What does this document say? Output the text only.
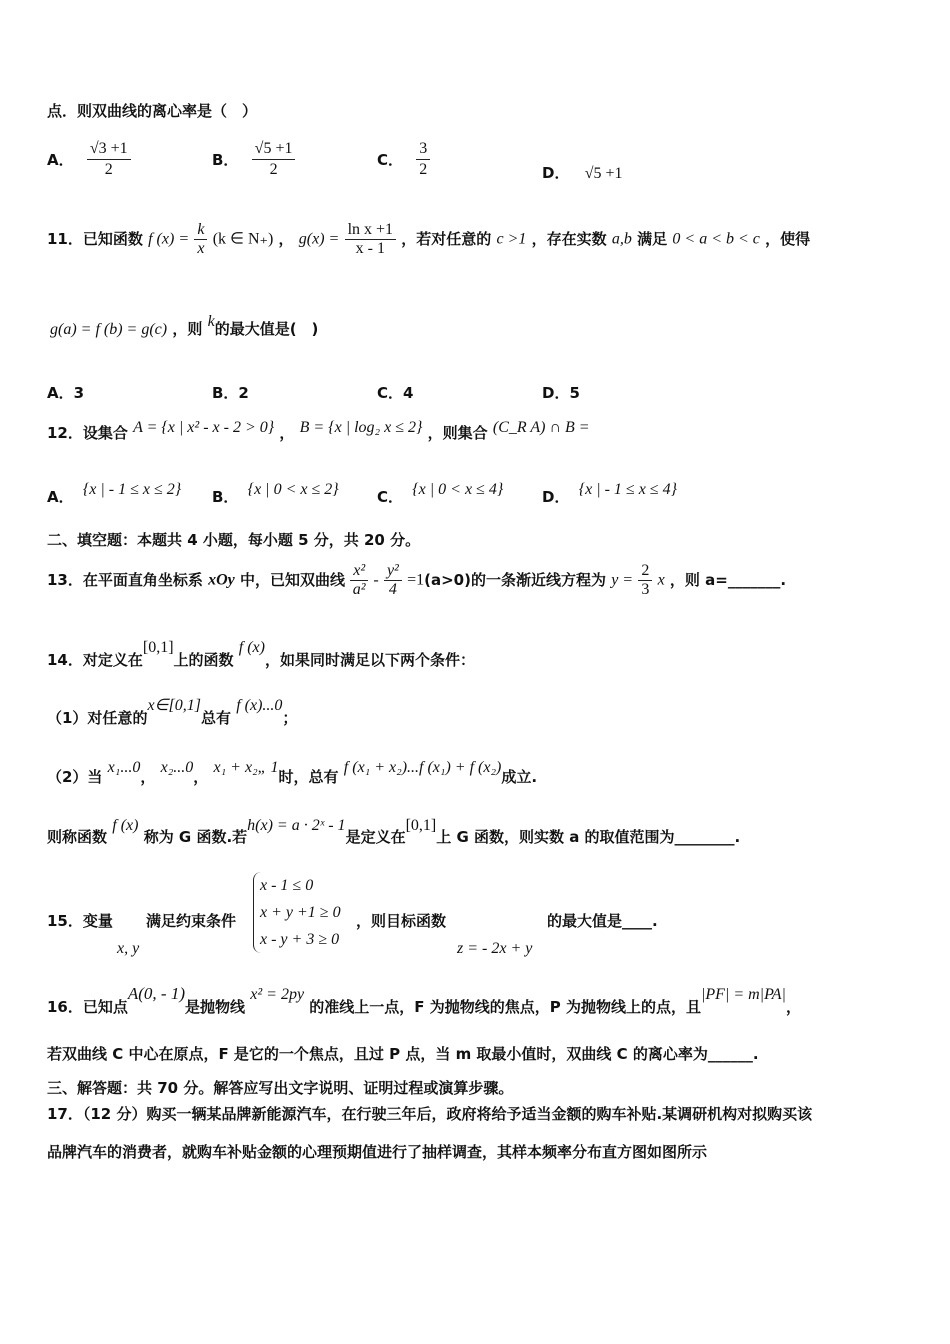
点．则双曲线的离心率是（　）
A． $\frac{√3 +1}{2}$	B． $\frac{√5 +1}{2}$	C． $\frac{3}{2}$	D． √5 +1
11．已知函数 f $(x) = \frac{k}{x} (k$ ∈ N₊) ， $g(x) = \frac{\text{ln x +1}}{x - 1}$ ，若对任意的 c >1 ，存在实数 a,b 满足 0 < a < b < c ，使得
g(a) = f (b) = g(c) ，则 k的最大值是(　)
A．3	B．2	C．4	D．5
12．设集合 A = {x | x² - x - 2 > 0} ， B = {x | log₂ x ≤ 2} ，则集合 (C_R A) ∩ B =
A． {x | - 1 ≤ x ≤ 2} B． {x | 0 < x ≤ 2}	C． {x | 0 < x ≤ 4}	D． {x | - 1 ≤ x ≤ 4}
二、填空题：本题共 4 小题，每小题 5 分，共 20 分。
13．在平面直角坐标系 xOy 中，已知双曲线 $\frac{\text{x²}}{\text{a²}} - \frac{\text{y²}}{4} =1(a>0)$的一条渐近线方程为 $y = \frac{2}{3}$ x ，则 a=_______.
14．对定义在[0,1]上的函数 f (x)，如果同时满足以下两个条件：
（1）对任意的x∈[0,1]总有 f (x)...0；
（2）当 x₁...0， x₂...0， x₁ + x₂„ 1时，总有 f (x₁ + x₂)...f (x₁) + f (x₂)成立.
则称函数 f (x) 称为 G 函数.若h(x) = a · 2ˣ - 1是定义在[0,1]上 G 函数，则实数 a 的取值范围为________.
15．变量 满足约束条件
x - 1 ≤ 0
x + y +1 ≥ 0
x - y + 3 ≥ 0
，则目标函数	的最大值是____.
x, y	z = - 2x + y
16．已知点A(0, - 1)是抛物线 x² = 2py 的准线上一点，F 为抛物线的焦点，P 为抛物线上的点，且|PF| = m|PA|，
若双曲线 C 中心在原点，F 是它的一个焦点，且过 P 点，当 m 取最小值时，双曲线 C 的离心率为______.
三、解答题：共 70 分。解答应写出文字说明、证明过程或演算步骤。
17．（12 分）购买一辆某品牌新能源汽车，在行驶三年后，政府将给予适当金额的购车补贴.某调研机构对拟购买该
品牌汽车的消费者，就购车补贴金额的心理预期值进行了抽样调查，其样本频率分布直方图如图所示
